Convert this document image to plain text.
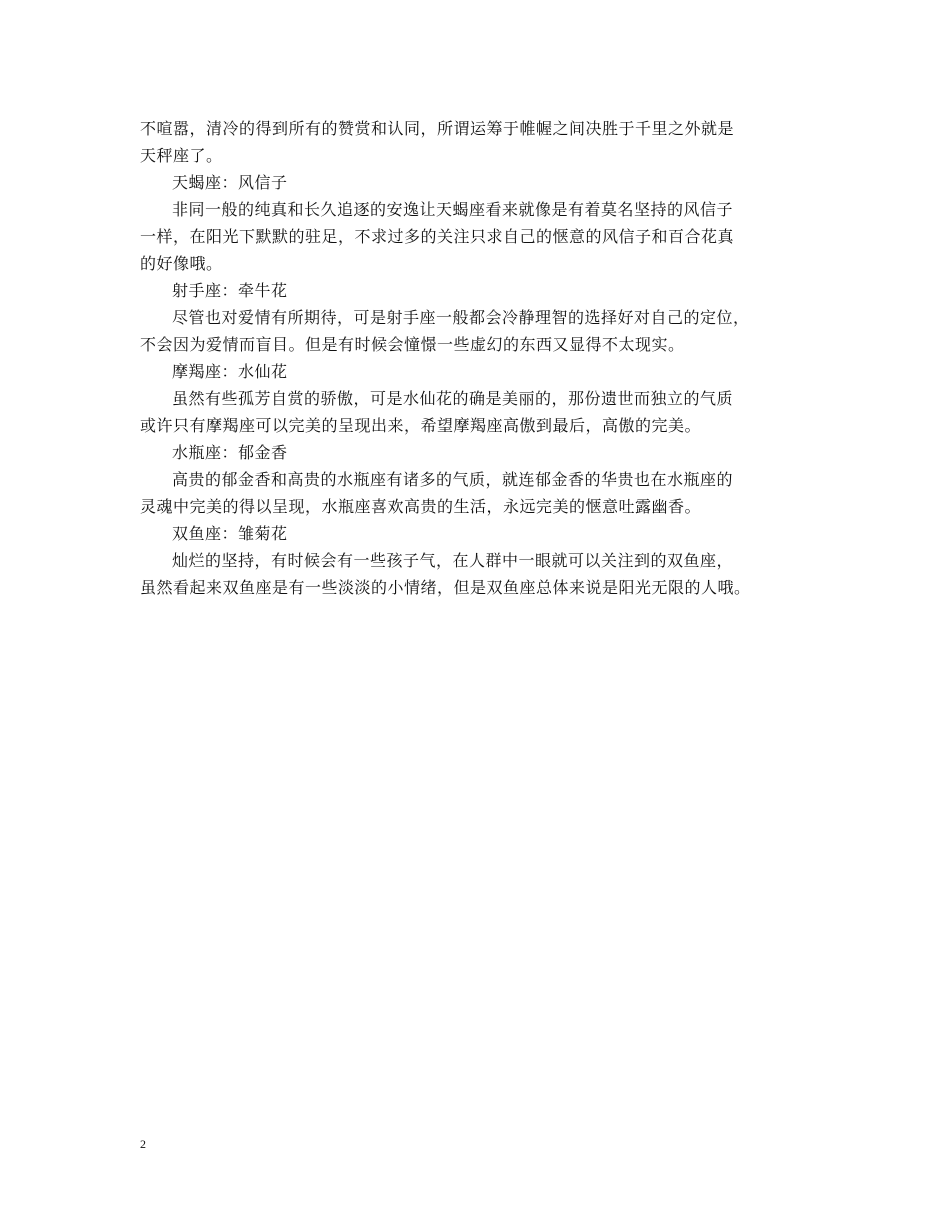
不喧嚣，清冷的得到所有的赞赏和认同，所谓运筹于帷幄之间决胜于千里之外就是
天秤座了。
天蝎座：风信子
非同一般的纯真和长久追逐的安逸让天蝎座看来就像是有着莫名坚持的风信子
一样，在阳光下默默的驻足，不求过多的关注只求自己的惬意的风信子和百合花真
的好像哦。
射手座：牵牛花
尽管也对爱情有所期待，可是射手座一般都会冷静理智的选择好对自己的定位，
不会因为爱情而盲目。但是有时候会憧憬一些虚幻的东西又显得不太现实。
摩羯座：水仙花
虽然有些孤芳自赏的骄傲，可是水仙花的确是美丽的，那份遗世而独立的气质
或许只有摩羯座可以完美的呈现出来，希望摩羯座高傲到最后，高傲的完美。
水瓶座：郁金香
高贵的郁金香和高贵的水瓶座有诸多的气质，就连郁金香的华贵也在水瓶座的
灵魂中完美的得以呈现，水瓶座喜欢高贵的生活，永远完美的惬意吐露幽香。
双鱼座：雏菊花
灿烂的坚持，有时候会有一些孩子气，在人群中一眼就可以关注到的双鱼座，
虽然看起来双鱼座是有一些淡淡的小情绪，但是双鱼座总体来说是阳光无限的人哦。
2
